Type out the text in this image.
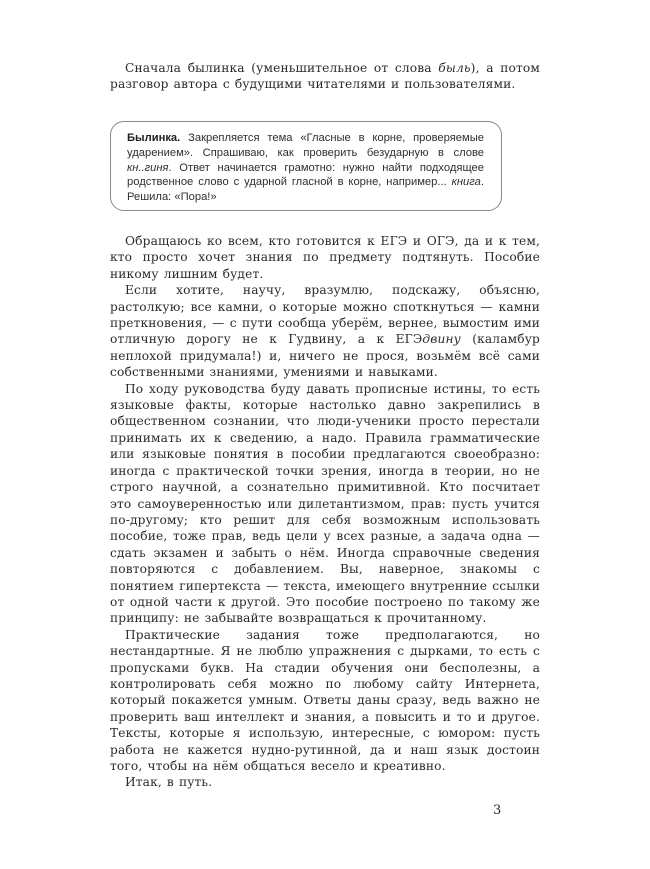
Сначала былинка (уменьшительное от слова быль), а потом разговор автора с будущими читателями и пользователями.

Былинка. Закрепляется тема «Гласные в корне, проверяемые ударением». Спрашиваю, как проверить безударную в слове кн..гиня. Ответ начинается грамотно: нужно найти подходящее родственное слово с ударной гласной в корне, например... книга. Решила: «Пора!»

Обращаюсь ко всем, кто готовится к ЕГЭ и ОГЭ, да и к тем, кто просто хочет знания по предмету подтянуть. Пособие никому лишним будет.

Если хотите, научу, вразумлю, подскажу, объясню, растолкую; все камни, о которые можно споткнуться — камни преткновения, — с пути сообща уберём, вернее, вымостим ими отличную дорогу не к Гудвину, а к ЕГЭдвину (каламбур неплохой придумала!) и, ничего не прося, возьмём всё сами собственными знаниями, умениями и навыками.

По ходу руководства буду давать прописные истины, то есть языковые факты, которые настолько давно закрепились в общественном сознании, что люди-ученики просто перестали принимать их к сведению, а надо. Правила грамматические или языковые понятия в пособии предлагаются своеобразно: иногда с практической точки зрения, иногда в теории, но не строго научной, а сознательно примитивной. Кто посчитает это самоуверенностью или дилетантизмом, прав: пусть учится по-другому; кто решит для себя возможным использовать пособие, тоже прав, ведь цели у всех разные, а задача одна — сдать экзамен и забыть о нём. Иногда справочные сведения повторяются с добавлением. Вы, наверное, знакомы с понятием гипертекста — текста, имеющего внутренние ссылки от одной части к другой. Это пособие построено по такому же принципу: не забывайте возвращаться к прочитанному.

Практические задания тоже предполагаются, но нестандартные. Я не люблю упражнения с дырками, то есть с пропусками букв. На стадии обучения они бесполезны, а контролировать себя можно по любому сайту Интернета, который покажется умным. Ответы даны сразу, ведь важно не проверить ваш интеллект и знания, а повысить и то и другое. Тексты, которые я использую, интересные, с юмором: пусть работа не кажется нудно-рутинной, да и наш язык достоин того, чтобы на нём общаться весело и креативно.

Итак, в путь.

3
